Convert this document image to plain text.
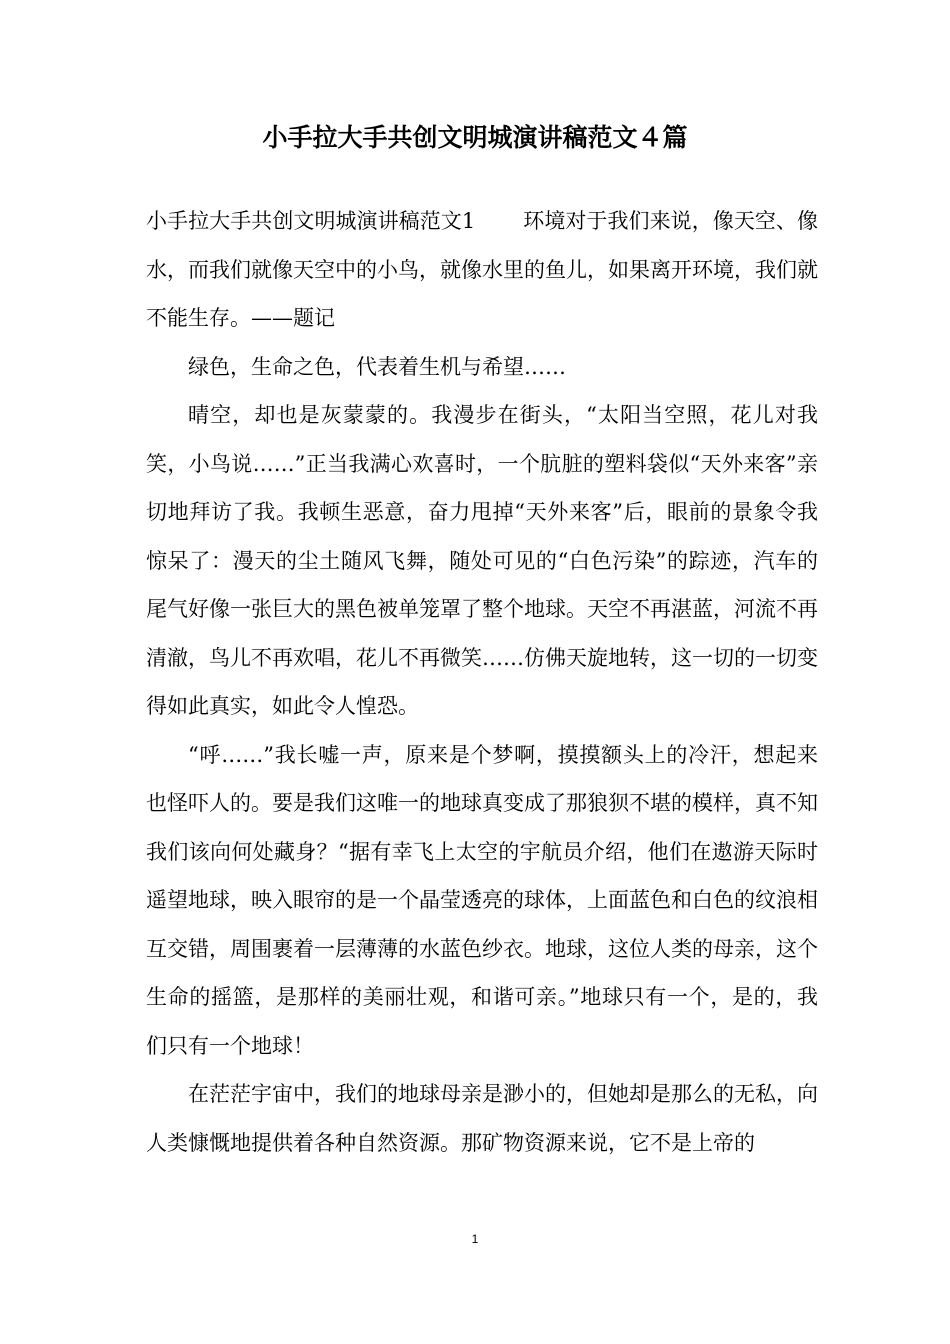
小手拉大手共创文明城演讲稿范文４篇

小手拉大手共创文明城演讲稿范文1 环境对于我们来说，像天空、像水，而我们就像天空中的小鸟，就像水里的鱼儿，如果离开环境，我们就不能生存。——题记

绿色，生命之色，代表着生机与希望……

晴空，却也是灰蒙蒙的。我漫步在街头，“太阳当空照，花儿对我笑，小鸟说……”正当我满心欢喜时，一个肮脏的塑料袋似“天外来客”亲切地拜访了我。我顿生恶意，奋力甩掉“天外来客”后，眼前的景象令我惊呆了：漫天的尘土随风飞舞，随处可见的“白色污染”的踪迹，汽车的尾气好像一张巨大的黑色被单笼罩了整个地球。天空不再湛蓝，河流不再清澈，鸟儿不再欢唱，花儿不再微笑……仿佛天旋地转，这一切的一切变得如此真实，如此令人惶恐。

“呼……”我长嘘一声，原来是个梦啊，摸摸额头上的冷汗，想起来也怪吓人的。要是我们这唯一的地球真变成了那狼狈不堪的模样，真不知我们该向何处藏身？“据有幸飞上太空的宇航员介绍，他们在遨游天际时遥望地球，映入眼帘的是一个晶莹透亮的球体，上面蓝色和白色的纹浪相互交错，周围裹着一层薄薄的水蓝色纱衣。地球，这位人类的母亲，这个生命的摇篮，是那样的美丽壮观，和谐可亲。”地球只有一个，是的，我们只有一个地球！

在茫茫宇宙中，我们的地球母亲是渺小的，但她却是那么的无私，向人类慷慨地提供着各种自然资源。那矿物资源来说，它不是上帝的

1
